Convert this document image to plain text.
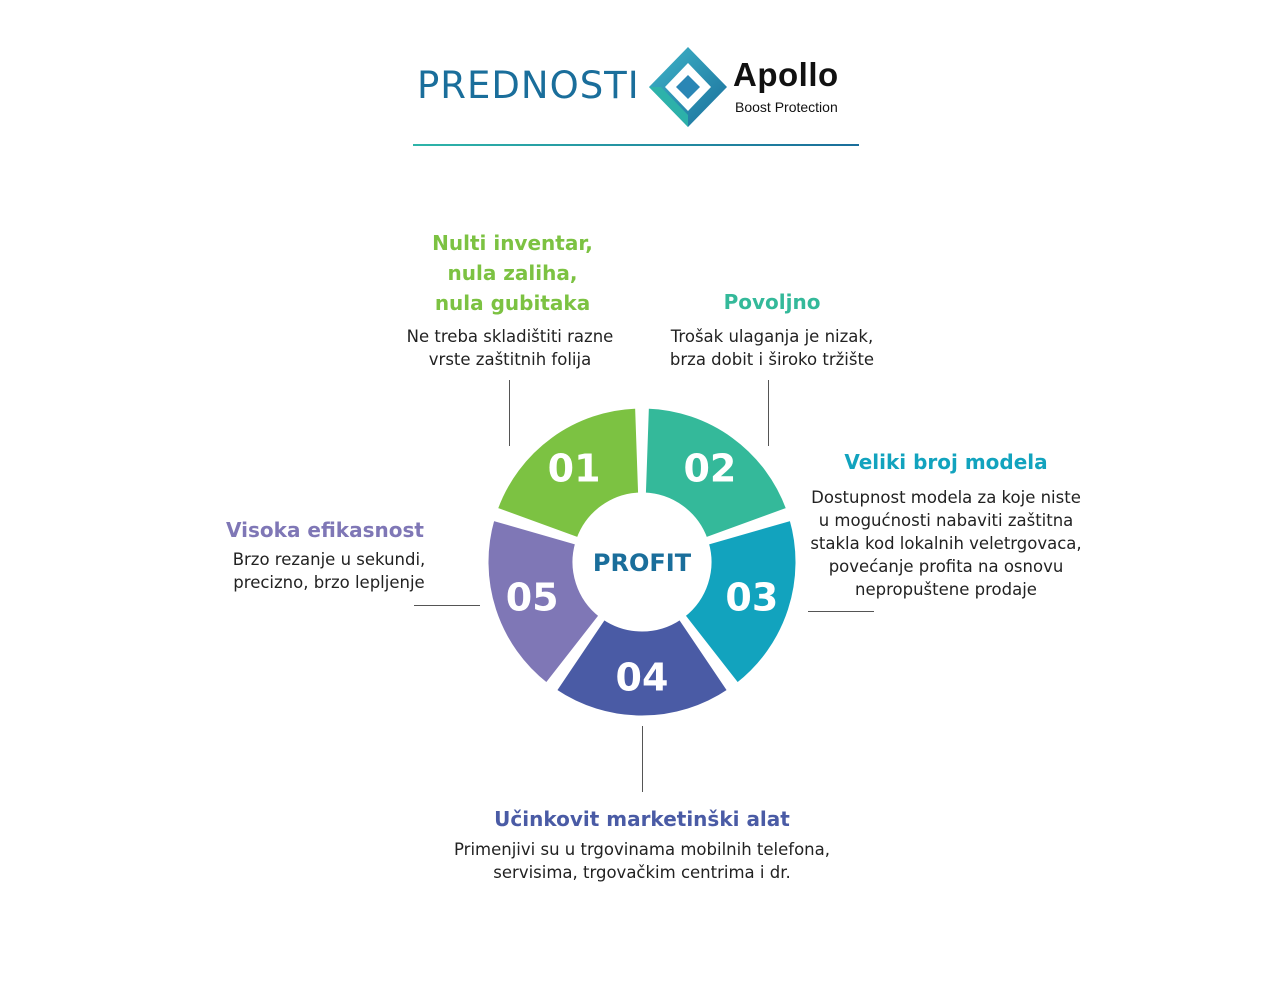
PREDNOSTI	Apollo
Boost Protection
01 02
03
04
05
PROFIT
Nulti inventar,
nula zaliha,
nula gubitaka
Ne treba skladištiti razne
vrste zaštitnih folija
Povoljno
Trošak ulaganja je nizak,
brza dobit i široko tržište
Veliki broj modela
Dostupnost modela za koje niste
u mogućnosti nabaviti zaštitna
stakla kod lokalnih veletrgovaca,
povećanje profita na osnovu
nepropuštene prodaje
Učinkovit marketinški alat
Primenjivi su u trgovinama mobilnih telefona,
servisima, trgovačkim centrima i dr.
Visoka efikasnost
Brzo rezanje u sekundi,
precizno, brzo lepljenje
